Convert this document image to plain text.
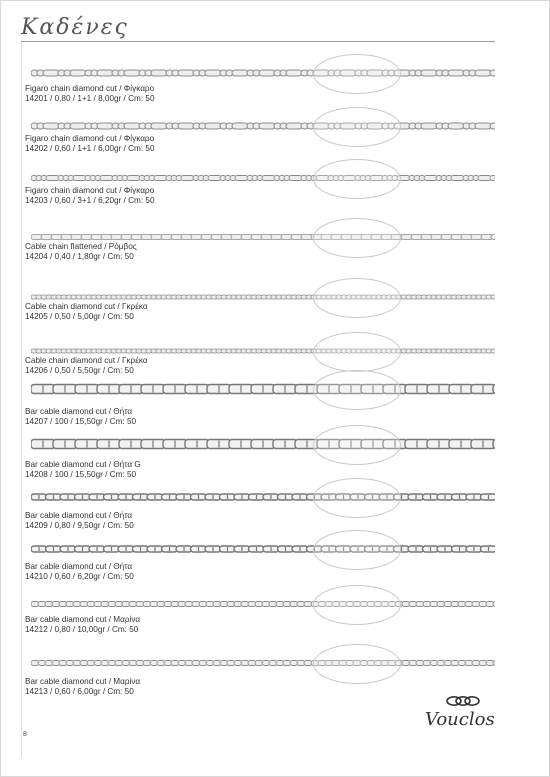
Καδένες
Figaro chain diamond cut / Φίγκαρο
14201 / 0,80 / 1+1 / 8,00gr / Cm: 50
Figaro chain diamond cut / Φίγκαρο
14202 / 0,60 / 1+1 / 6,00gr / Cm: 50
Figaro chain diamond cut / Φίγκαρο
14203 / 0,60 / 3+1 / 6,20gr / Cm: 50
Cable chain flattened / Ρόμβος
14204 / 0,40 / 1,80gr / Cm: 50
Cable chain diamond cut / Γκρέκα
14205 / 0,50 / 5,00gr / Cm: 50
Cable chain diamond cut / Γκρέκα
14206 / 0,50 / 5,50gr / Cm: 50
Bar cable diamond cut / Θήτα
14207 / 100 / 15,50gr / Cm: 50
Bar cable diamond cut / Θήτα G
14208 / 100 / 15,50gr / Cm: 50
Bar cable diamond cut / Θήτα
14209 / 0,80 / 9,50gr / Cm: 50
Bar cable diamond cut / Θήτα
14210 / 0,60 / 6,20gr / Cm: 50
Bar cable diamond cut / Μαρίνα
14212 / 0,80 / 10,00gr / Cm: 50
Bar cable diamond cut / Μαρίνα
14213 / 0,60 / 6,00gr / Cm: 50
8
Vouclos
